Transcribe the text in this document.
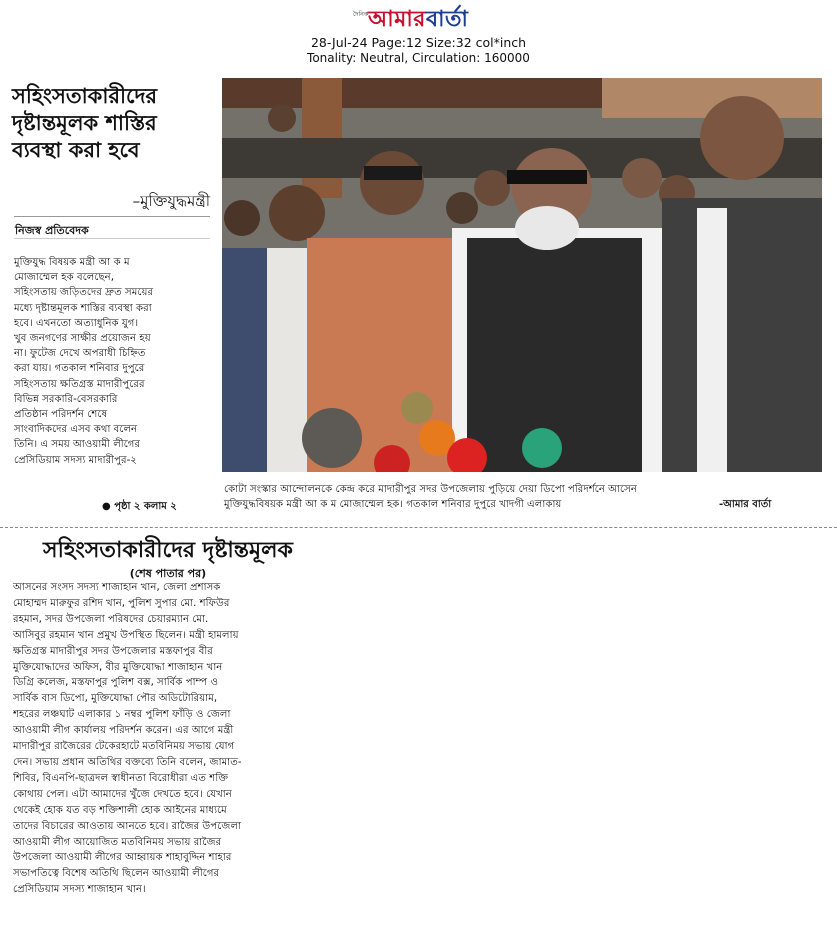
দৈনিক আমারবার্তা
28-Jul-24 Page:12 Size:32 col*inch
Tonality: Neutral, Circulation: 160000
সহিংসতাকারীদের
দৃষ্টান্তমূলক শাস্তির
ব্যবস্থা করা হবে
–মুক্তিযুদ্ধমন্ত্রী
নিজস্ব প্রতিবেদক
মুক্তিযুদ্ধ বিষয়ক মন্ত্রী আ ক ম
মোজাম্মেল হক বলেছেন,
সহিংসতায় জড়িতদের দ্রুত সময়ের
মধ্যে দৃষ্টান্তমূলক শাস্তির ব্যবস্থা করা
হবে। এখনতো অত্যাধুনিক যুগ।
খুব জনগণের সাক্ষীর প্রয়োজন হয়
না। ফুটেজ দেখে অপরাধী চিহ্নিত
করা যায়। গতকাল শনিবার দুপুরে
সহিংসতায় ক্ষতিগ্রস্ত মাদারীপুরের
বিভিন্ন সরকারি-বেসরকারি
প্রতিষ্ঠান পরিদর্শন শেষে
সাংবাদিকদের এসব কথা বলেন
তিনি। এ সময় আওয়ামী লীগের
প্রেসিডিয়াম সদস্য মাদারীপুর-২
● পৃষ্ঠা ২ কলাম ২
কোটা সংস্কার আন্দোলনকে কেন্দ্র করে মাদারীপুর সদর উপজেলায় পুড়িয়ে দেয়া ডিপো পরিদর্শনে আসেন
মুক্তিযুদ্ধবিষয়ক মন্ত্রী আ ক ম মোজাম্মেল হক। গতকাল শনিবার দুপুরে খাদগী এলাকায়	-আমার বার্তা
সহিংসতাকারীদের দৃষ্টান্তমূলক
(শেষ পাতার পর)
আসনের সংসদ সদস্য শাজাহান খান, জেলা প্রশাসক
মোহাম্মদ মারুফুর রশিদ খান, পুলিশ সুপার মো. শফিউর
রহমান, সদর উপজেলা পরিষদের চেয়ারম্যান মো.
আসিবুর রহমান খান প্রমুখ উপস্থিত ছিলেন। মন্ত্রী হামলায়
ক্ষতিগ্রস্ত মাদারীপুর সদর উপজেলার মস্তফাপুর বীর
মুক্তিযোদ্ধাদের অফিস, বীর মুক্তিযোদ্ধা শাজাহান খান
ডিগ্রি কলেজ, মস্তফাপুর পুলিশ বক্স, সার্বিক পাম্প ও
সার্বিক বাস ডিপো, মুক্তিযোদ্ধা পৌর অডিটোরিয়াম,
শহরের লঞ্চঘাট এলাকার ১ নম্বর পুলিশ ফাঁড়ি ও জেলা
আওয়ামী লীগ কার্যালয় পরিদর্শন করেন। এর আগে মন্ত্রী
মাদারীপুর রাজৈরের টেকেরহাটে মতবিনিময় সভায় যোগ
দেন। সভায় প্রধান অতিথির বক্তব্যে তিনি বলেন, জামাত-
শিবির, বিএনপি-ছাত্রদল স্বাধীনতা বিরোধীরা এত শক্তি
কোথায় পেল। এটা আমাদের খুঁজে দেখতে হবে। যেখান
থেকেই হোক যত বড় শক্তিশালী হোক আইনের মাধ্যমে
তাদের বিচারের আওতায় আনতে হবে। রাজৈর উপজেলা
আওয়ামী লীগ আয়োজিত মতবিনিময় সভায় রাজৈর
উপজেলা আওয়ামী লীগের আহ্বায়ক শাহাবুদ্দিন শাহার
সভাপতিত্বে বিশেষ অতিথি ছিলেন আওয়ামী লীগের
প্রেসিডিয়াম সদস্য শাজাহান খান।
